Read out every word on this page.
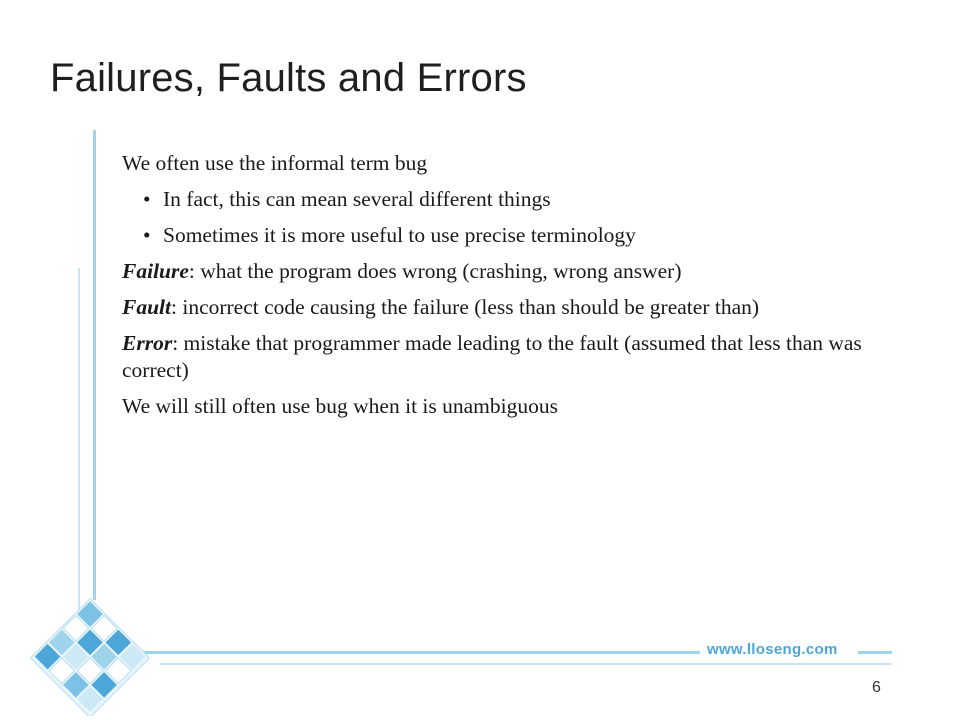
Failures, Faults and Errors
www.lloseng.com
6
We often use the informal term bug
• In fact, this can mean several different things
• Sometimes it is more useful to use precise terminology
Failure: what the program does wrong (crashing, wrong answer)
Fault: incorrect code causing the failure (less than should be greater than)
Error: mistake that programmer made leading to the fault (assumed that less than was correct)
We will still often use bug when it is unambiguous
